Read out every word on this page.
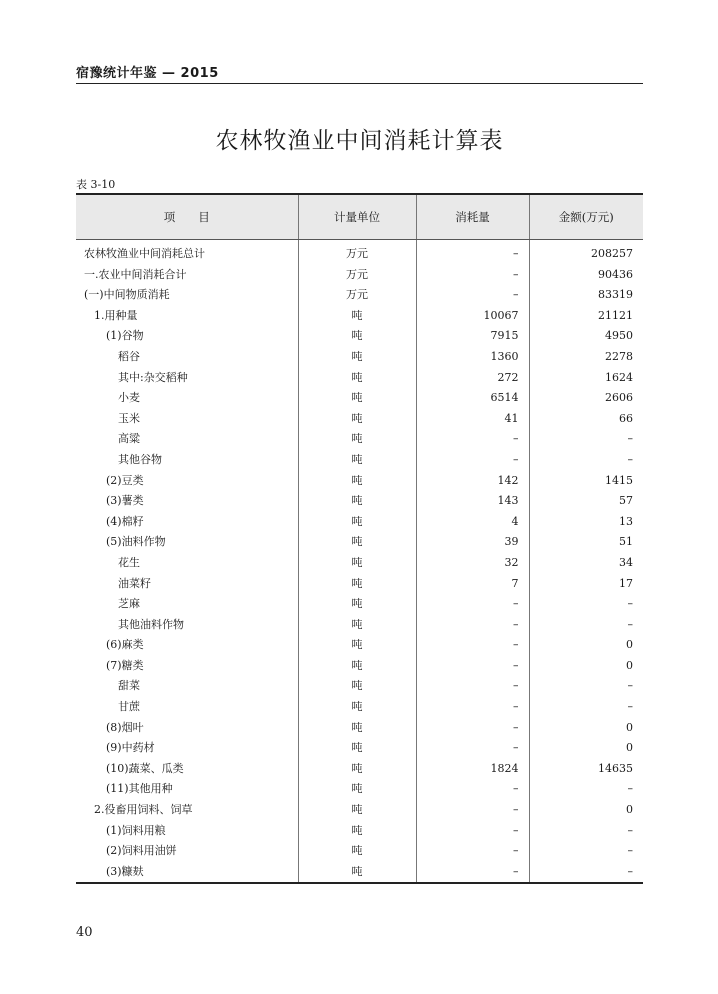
宿豫统计年鉴 — 2015
农林牧渔业中间消耗计算表
表 3-10
项　　目	计量单位	消耗量	金额(万元)
农林牧渔业中间消耗总计	万元	–	208257
一.农业中间消耗合计	万元	–	90436
(一)中间物质消耗	万元	–	83319
1.用种量	吨	10067	21121
(1)谷物	吨	7915	4950
稻谷	吨	1360	2278
其中:杂交稻种	吨	272	1624
小麦	吨	6514	2606
玉米	吨	41	66
高粱	吨	–	–
其他谷物	吨	–	–
(2)豆类	吨	142	1415
(3)薯类	吨	143	57
(4)棉籽	吨	4	13
(5)油料作物	吨	39	51
花生	吨	32	34
油菜籽	吨	7	17
芝麻	吨	–	–
其他油料作物	吨	–	–
(6)麻类	吨	–	0
(7)糖类	吨	–	0
甜菜	吨	–	–
甘蔗	吨	–	–
(8)烟叶	吨	–	0
(9)中药材	吨	–	0
(10)蔬菜、瓜类	吨	1824	14635
(11)其他用种	吨	–	–
2.役畜用饲料、饲草	吨	–	0
(1)饲料用粮	吨	–	–
(2)饲料用油饼	吨	–	–
(3)糠麸	吨	–	–
40
